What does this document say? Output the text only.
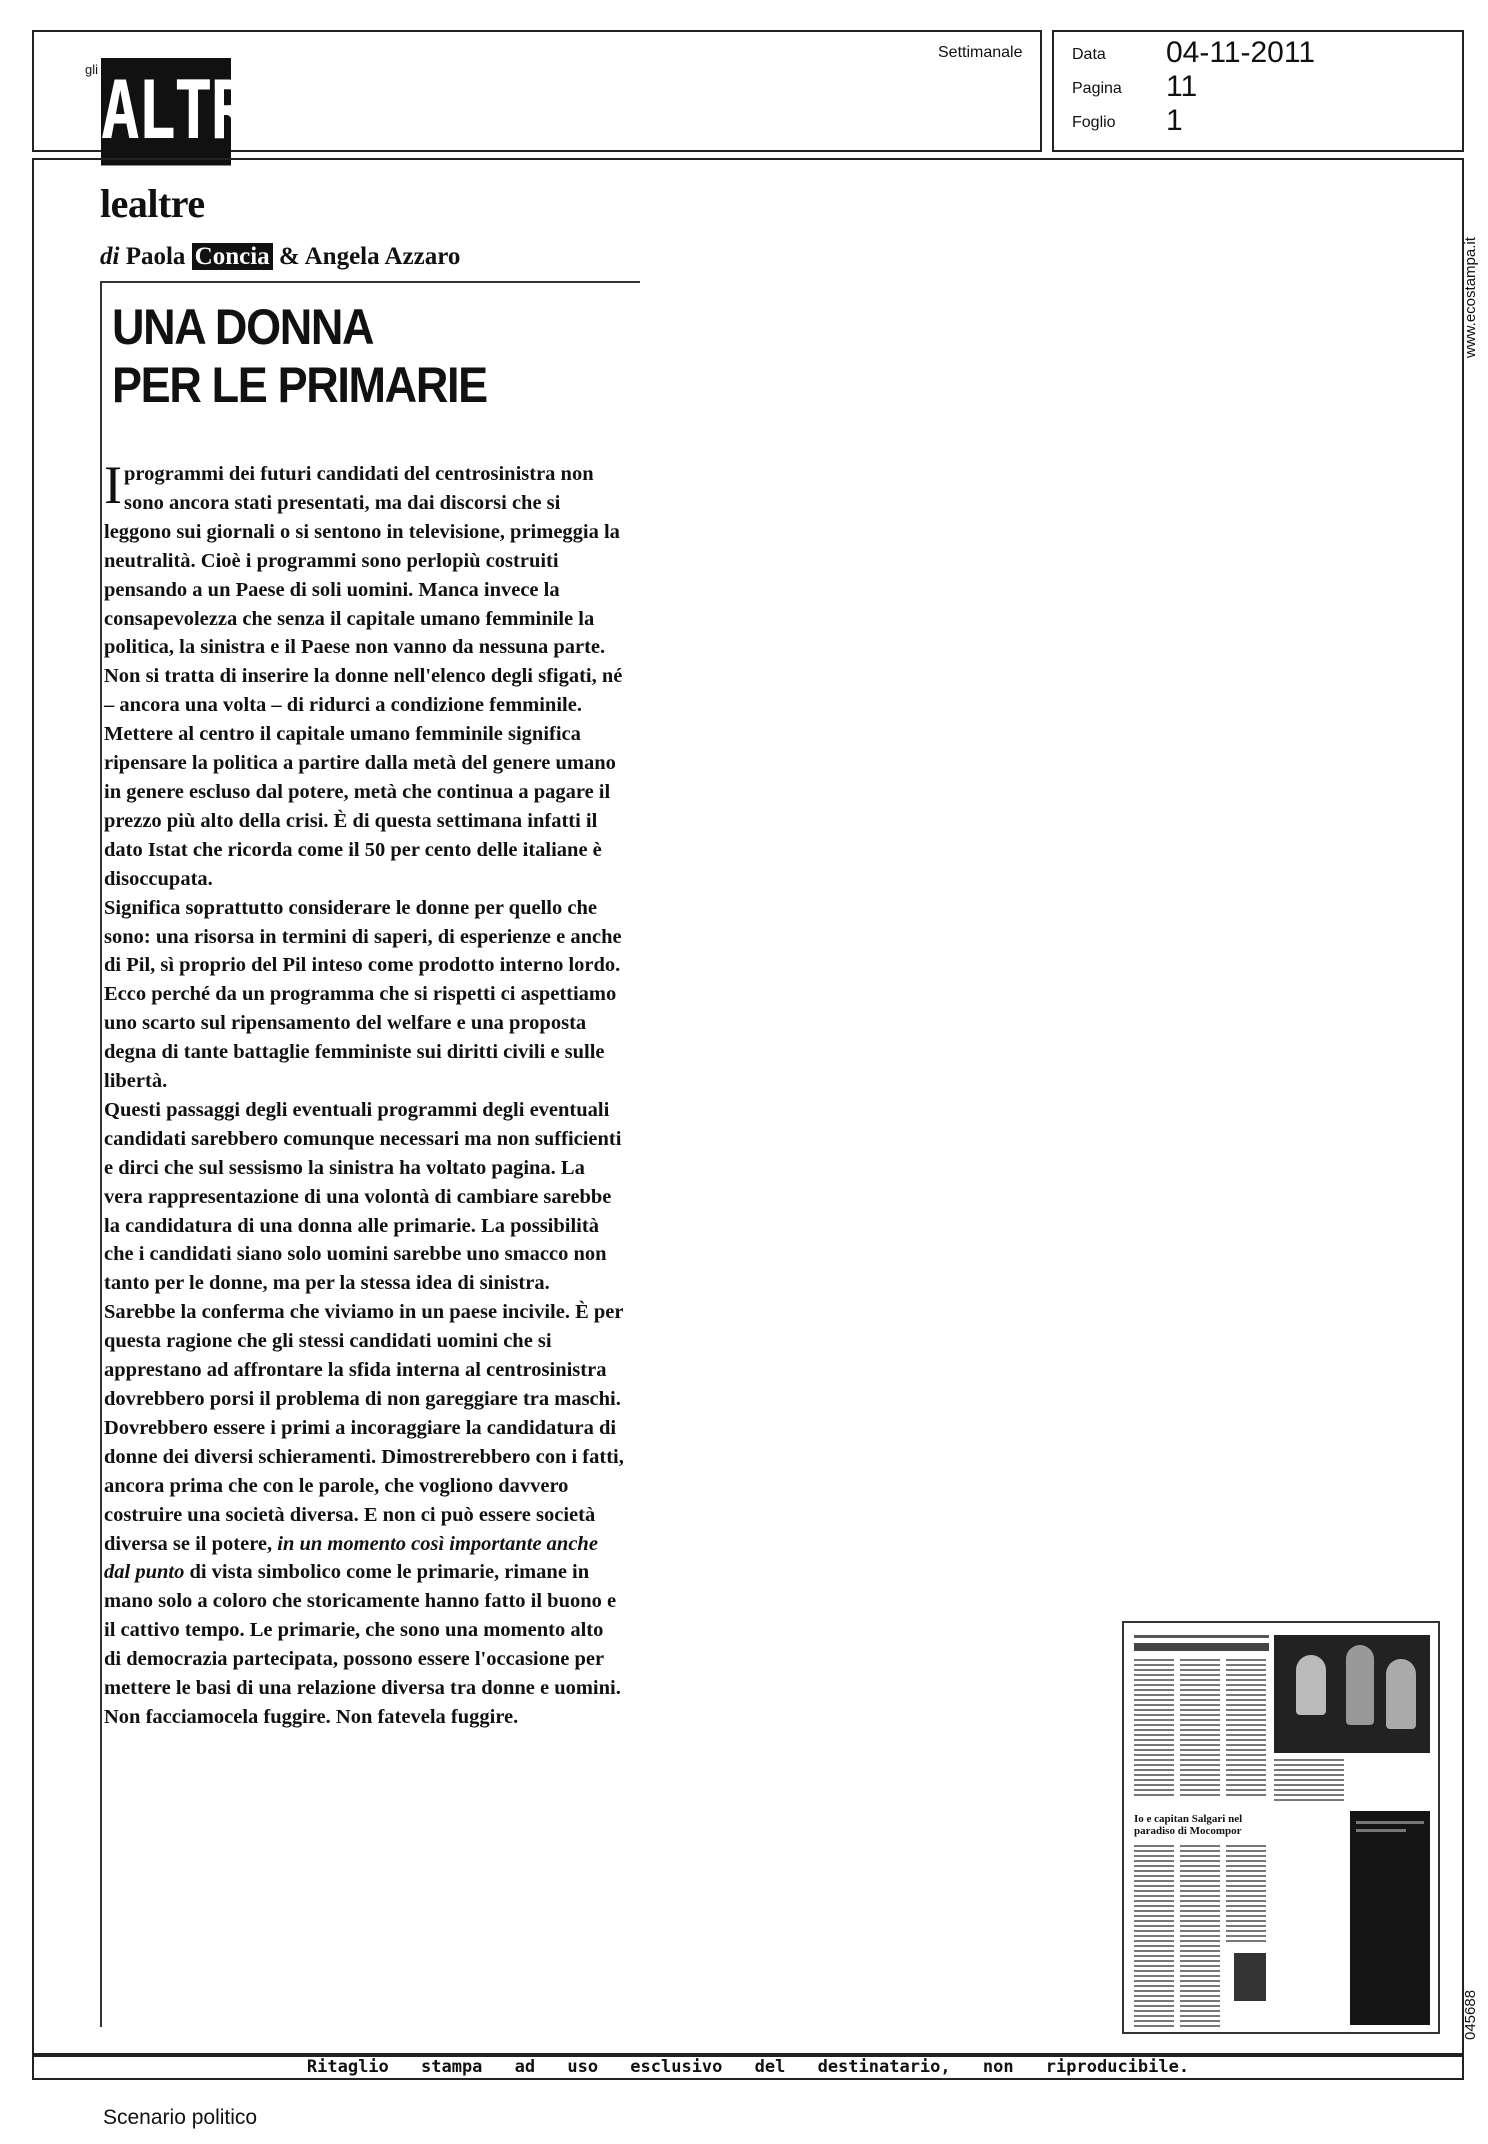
gli ALTRI
Settimanale	Data 04-11-2011
Pagina 11
Foglio 1
www.ecostampa.it
045688
lealtre
di Paola Concia & Angela Azzaro
UNA DONNA
PER LE PRIMARIE

Iprogrammi dei futuri candidati del centrosinistra non sono ancora stati presentati, ma dai discorsi che si leggono sui giornali o si sentono in televisione, primeggia la neutralità. Cioè i programmi sono perlopiù costruiti pensando a un Paese di soli uomini. Manca invece la consapevolezza che senza il capitale umano femminile la politica, la sinistra e il Paese non vanno da nessuna parte.

Non si tratta di inserire la donne nell'elenco degli sfigati, né – ancora una volta – di ridurci a condizione femminile. Mettere al centro il capitale umano femminile significa ripensare la politica a partire dalla metà del genere umano in genere escluso dal potere, metà che continua a pagare il prezzo più alto della crisi. È di questa settimana infatti il dato Istat che ricorda come il 50 per cento delle italiane è disoccupata.

Significa soprattutto considerare le donne per quello che sono: una risorsa in termini di saperi, di esperienze e anche di Pil, sì proprio del Pil inteso come prodotto interno lordo. Ecco perché da un programma che si rispetti ci aspettiamo uno scarto sul ripensamento del welfare e una proposta degna di tante battaglie femministe sui diritti civili e sulle libertà.

Questi passaggi degli eventuali programmi degli eventuali candidati sarebbero comunque necessari ma non sufficienti e dirci che sul sessismo la sinistra ha voltato pagina. La vera rappresentazione di una volontà di cambiare sarebbe la candidatura di una donna alle primarie. La possibilità che i candidati siano solo uomini sarebbe uno smacco non tanto per le donne, ma per la stessa idea di sinistra. Sarebbe la conferma che viviamo in un paese incivile. È per questa ragione che gli stessi candidati uomini che si apprestano ad affrontare la sfida interna al centrosinistra dovrebbero porsi il problema di non gareggiare tra maschi. Dovrebbero essere i primi a incoraggiare la candidatura di donne dei diversi schieramenti. Dimostrerebbero con i fatti, ancora prima che con le parole, che vogliono davvero costruire una società diversa. E non ci può essere società diversa se il potere, in un momento così importante anche dal punto di vista simbolico come le primarie, rimane in mano solo a coloro che storicamente hanno fatto il buono e il cattivo tempo. Le primarie, che sono una momento alto di democrazia partecipata, possono essere l'occasione per mettere le basi di una relazione diversa tra donne e uomini. Non facciamocela fuggire. Non fatevela fuggire.

Io e capitan Salgari nel paradiso di Mocompor
Ritaglio stampa ad uso esclusivo del destinatario, non riproducibile.
Scenario politico
